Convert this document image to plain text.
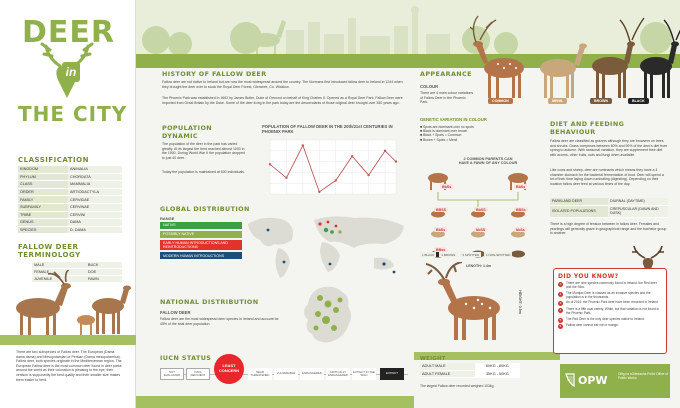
DEER
in
THE CITY
CLASSIFICATION
KINGDOM	ANIMALIA
PHYLUM	CHORDATA
CLASS	MAMMALIA
ORDER	ARTIODACTYLA
FAMILY	CERVIDAE
SUBFAMILY	CERVINAE
TRIBE	CERVINI
GENUS	DAMA
SPECIES	D. DAMA
FALLOW DEER TERMINOLOGY
MALE	BUCK
FEMALE	DOE
JUVENILE	FAWN
There are two subspecies of Fallow deer. The European (Dama dama dama) and Mesopotamian or Persian (Dama mesopotamica). Fallow deer, both species originate in the Mediterranean region. The European Fallow deer is the most common deer found in deer parks around the world as their coloration is pleasing to the eye; their venison is supposedly the best quality and their smaller size makes them easier to herd.
HISTORY OF FALLOW DEER
Fallow deer are not native to Ireland but are now the most widespread around the country. The Normans first introduced fallow deer to Ireland in 1244 when they brought the deer over to stock the Royal Deer Forest, Glencree, Co. Wicklow.
The Phoenix Park was established in 1662 by James Butler, Duke of Ormond on behalf of King Charles II. Opened as a Royal Deer Park, Fallow Deer were imported from Great Britain by the Duke. Some of the deer living in the park today are the descendants of those original deer brought over 350 years ago.
POPULATION DYNAMIC
The population of the deer in the park has varied greatly. At its largest the herd reached almost 1000 in the 1900. During World War II the population dropped to just 40 deer.
Today the population is maintained at 600 individuals.
POPULATION OF FALLOW DEER IN THE 20th/21st CENTURIES IN PHOENIX PARK
GLOBAL DISTRIBUTION
RANGE
NATIVE
POSSIBLY NATIVE
EARLY HUMAN INTRODUCTIONS AND REINTRODUCTIONS
MODERN HUMAN INTRODUCTIONS
NATIONAL DISTRIBUTION
FALLOW DEER
Fallow deer are the most widespread deer species in Ireland and account for 45% of the total deer population.
IUCN STATUS
NOT EVALUATED
DATA DEFICIENT
LEAST CONCERN	NEAR THREATENED	VULNERABLE	ENDANGERED	CRITICALLY ENDANGERED
EXTINCT IN THE WILD	EXTINCT
APPEARANCE
COLOUR
There are 4 main colour variations of Fallow Deer in the Phoenix Park.	COMMON	MENIL	BROWN	BLACK
GENETIC VARIATION IN COLOUR
■ Spots are dominant over no spots
■ Black is dominant over brown
■ Black + Spots = Common
■ Brown + Spots = Menil
2 COMMON PARENTS CAN HAVE A FAWN OF ANY COLOUR
BbSs	BbSs
BBSS	BbSS	BBSs
BbSs	bbSS	bbSs
BBss
1 BLACK	3 BROWN	3 SPOTTED	1 NON-SPOTTED
LENGTH: 1.4m
HEIGHT: 0.9m
WEIGHT
ADULT MALE	60KG - 80KG
ADULT FEMALE	35KG - 50KG
The largest Fallow deer recorded weighed 103kg
DIET AND FEEDING BEHAVIOUR
Fallow deer are classified as grazers although they are browsers on trees and shrubs. Grass comprises between 60% and 90% of the deer's diet from spring to autumn. With seasonal variation, they are supplement their diet with acorns, other fruits, nuts and fungi when available.
Like cows and sheep, deer are ruminants which means they have a 4 chamber stomach for the bacterial fermentation of food. Deer will spend a lot of their time laying down ruminating (digesting). Depending on their location fallow deer feed at various times of the day.
PARKLAND DEER	DIURNAL (DAYTIME)
ISOLATED POPULATIONS	CREPUSCULAR (DAWN AND DUSK)
There is a high degree of tension between in fallow deer. Females and yearlings will generally graze in geographical range and the bachelor group in another.
DID YOU KNOW?
1	There are nine species commonly found in Ireland: the Red deer and the Sika.
2	The Muntjac Deer is classed as an invasive species and the population is in the thousands.
3	As of 2016, the Phoenix Park deer have been recorded in Ireland.
4	There is a fifth coat variety, White, but that variation is not found in the Phoenix Park.
5	The Red Deer is the only deer species native to Ireland.
6	Fallow deer cannot eat nut or mange.
OPW	Oifig na nOibreacha Poiblí Office of Public Works
